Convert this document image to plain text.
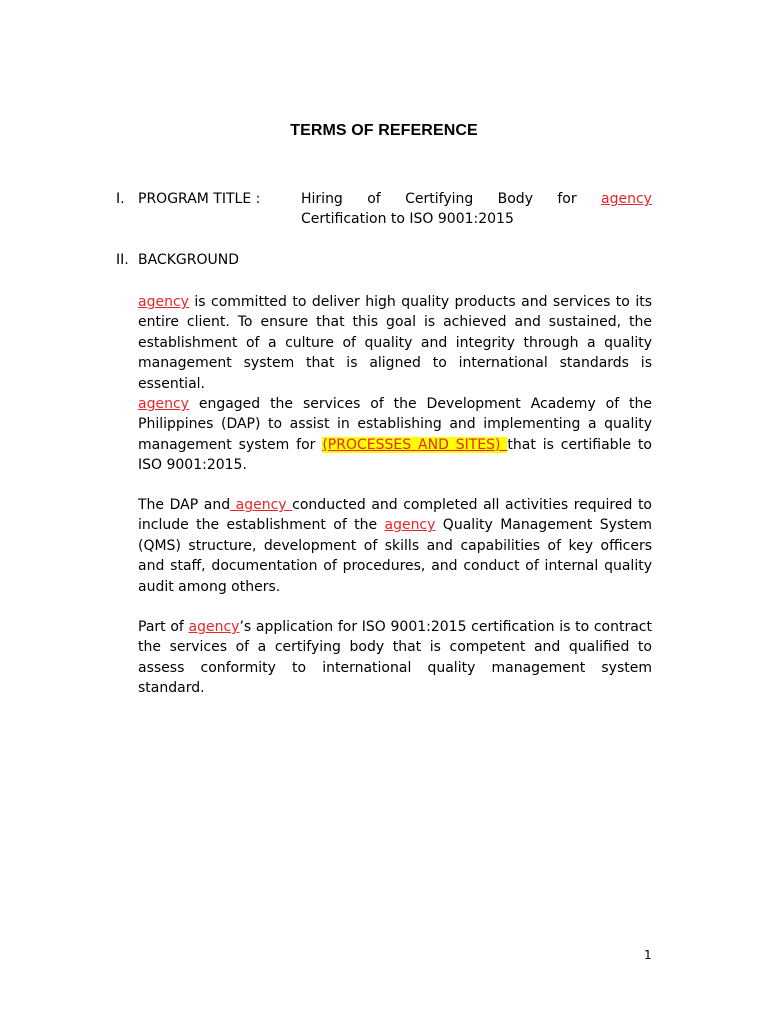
TERMS OF REFERENCE
I. PROGRAM TITLE :	Hiring of Certifying Body for agency
Certification to ISO 9001:2015
II. BACKGROUND
agency is committed to deliver high quality products and services to its entire client. To ensure that this goal is achieved and sustained, the establishment of a culture of quality and integrity through a quality management system that is aligned to international standards is essential.
agency engaged the services of the Development Academy of the Philippines (DAP) to assist in establishing and implementing a quality management system for (PROCESSES AND SITES) that is certifiable to ISO 9001:2015.
The DAP and agency conducted and completed all activities required to include the establishment of the agency Quality Management System (QMS) structure, development of skills and capabilities of key officers and staff, documentation of procedures, and conduct of internal quality audit among others.
Part of agency’s application for ISO 9001:2015 certification is to contract the services of a certifying body that is competent and qualified to assess conformity to international quality management system standard.
1
